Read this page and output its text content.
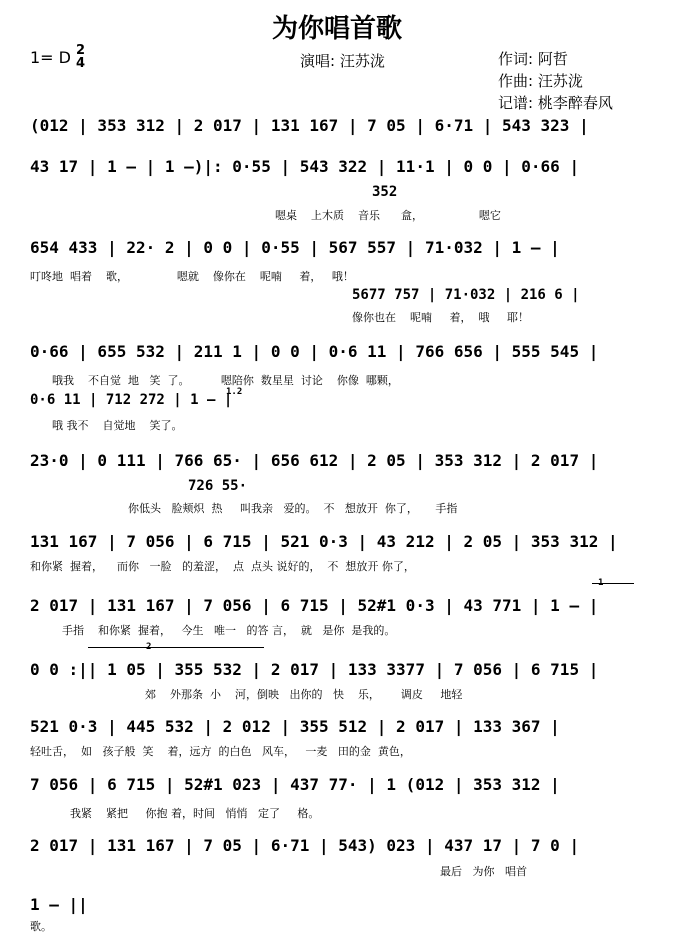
为你唱首歌
1= D 2
4	演唱: 汪苏泷	作词: 阿哲
作曲: 汪苏泷
记谱: 桃李醉春风
(012 | 353 312 | 2 017 | 131 167 | 7 05 | 6·71 | 543 323 |
43 17 | 1 – | 1 –)|: 0·55 | 543 322 | 11·1 | 0 0 | 0·66 |
352
嗯桌    上木质    音乐      盒，                嗯它
654 433 | 22· 2 | 0 0 | 0·55 | 567 557 | 71·032 | 1 – |
叮咚地  唱着    歌，              嗯就    像你在    呢喃     着，   哦！
5677 757 | 71·032 | 216 6 |
像你也在    呢喃     着，  哦     耶！
0·66 | 655 532 | 211 1 | 0 0 | 0·6 11 | 766 656 | 555 545 |
哦我    不自觉  地   笑  了。         嗯陪你  数星星  讨论    你像  哪颗，
0·6 11 | 712 272 | 1 – |
1.2
哦 我不    自觉地    笑了。
23·0 | 0 111 | 766 65· | 656 612 | 2 05 | 353 312 | 2 017 |
726 55·
你低头   脸颊炽  热     叫我亲   爱的。  不   想放开  你了，     手指
131 167 | 7 056 | 6 715 | 521 0·3 | 43 212 | 2 05 | 353 312 |
和你紧  握着，    而你   一脸   的羞涩，  点  点头 说好的，  不  想放开 你了，
1
2 017 | 131 167 | 7 056 | 6 715 | 52#1 0·3 | 43 771 | 1 – |
手指    和你紧  握着，   今生   唯一   的答 言，  就   是你  是我的。
2
0 0 :|| 1 05 | 355 532 | 2 017 | 133 3377 | 7 056 | 6 715 |
郊    外那条  小    河，倒映   出你的   快    乐，      调皮     地轻
521 0·3 | 445 532 | 2 012 | 355 512 | 2 017 | 133 367 |
轻吐舌，  如   孩子般  笑    着，远方  的白色   风车，   一麦   田的金  黄色，
7 056 | 6 715 | 52#1 023 | 437 77· | 1 (012 | 353 312 |
我紧    紧把     你抱 着，时间   悄悄   定了     格。
2 017 | 131 167 | 7 05 | 6·71 | 543) 023 | 437 17 | 7 0 |
最后   为你   唱首
1 – ||
歌。
